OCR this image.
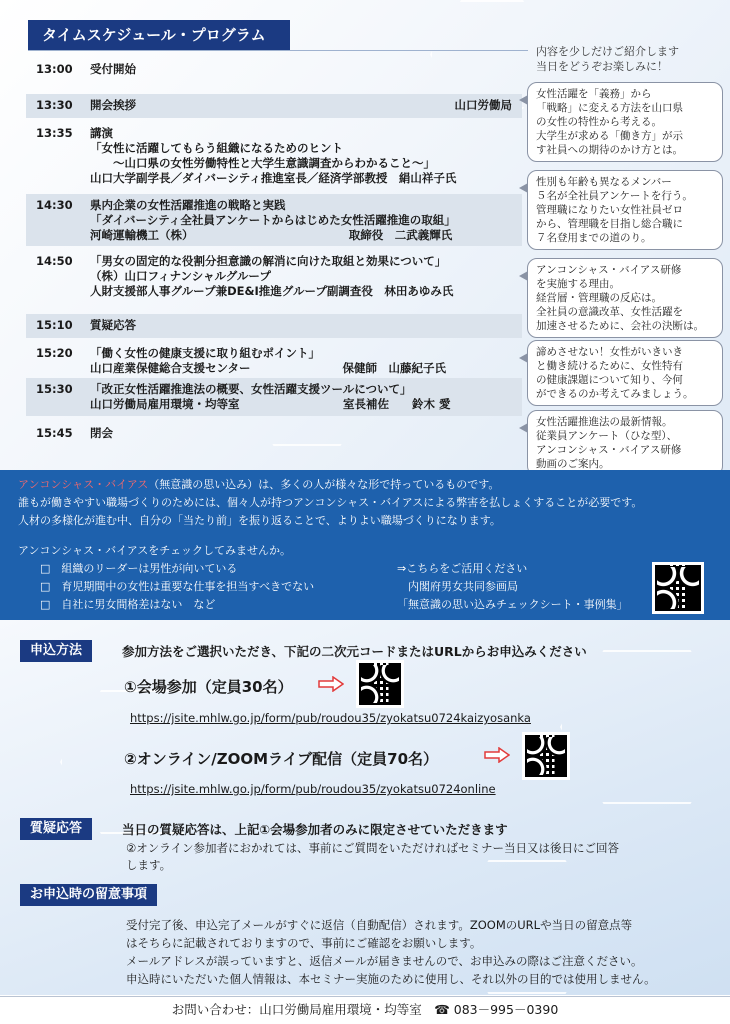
タイムスケジュール・プログラム
内容を少しだけご紹介します
当日をどうぞお楽しみに！
13:00 受付開始
13:30 開会挨拶	山口労働局
13:35 講演
「女性に活躍してもらう組織になるためのヒント
　　～山口県の女性労働特性と大学生意識調査からわかること～」
山口大学副学長／ダイバーシティ推進室長／経済学部教授　絹山祥子氏
14:30 県内企業の女性活躍推進の戦略と実践
「ダイバーシティ全社員アンケートからはじめた女性活躍推進の取組」
河崎運輸機工（株）　　　　　　　　　　　　　　取締役　二武義輝氏
14:50 「男女の固定的な役割分担意識の解消に向けた取組と効果について」
（株）山口フィナンシャルグループ
人財支援部人事グループ兼DE&I推進グループ副調査役　林田あゆみ氏
15:10 質疑応答
15:20 「働く女性の健康支援に取り組むポイント」
山口産業保健総合支援センター　　　　　　　　保健師　山藤紀子氏
15:30 「改正女性活躍推進法の概要、女性活躍支援ツールについて」
山口労働局雇用環境・均等室　　　　　　　　　室長補佐　　鈴木 愛
15:45 閉会
女性活躍を「義務」から
「戦略」に変える方法を山口県
の女性の特性から考える。
大学生が求める「働き方」が示
す社員への期待のかけ方とは。
性別も年齢も異なるメンバー
５名が全社員アンケートを行う。
管理職になりたい女性社員ゼロ
から、管理職を目指し総合職に
７名登用までの道のり。
アンコンシャス・バイアス研修
を実施する理由。
経営層・管理職の反応は。
全社員の意識改革、女性活躍を
加速させるために、会社の決断は。
諦めさせない！女性がいきいき
と働き続けるために、女性特有
の健康課題について知り、今何
ができるのか考えてみましょう。
女性活躍推進法の最新情報。
従業員アンケート（ひな型）、
アンコンシャス・バイアス研修
動画のご案内。
アンコンシャス・バイアス（無意識の思い込み）は、多くの人が様々な形で持っているものです。
誰もが働きやすい職場づくりのためには、個々人が持つアンコンシャス・バイアスによる弊害を払しょくすることが必要です。
人材の多様化が進む中、自分の「当たり前」を振り返ることで、よりよい職場づくりになります。
アンコンシャス・バイアスをチェックしてみませんか。
□　組織のリーダーは男性が向いている
□　育児期間中の女性は重要な仕事を担当すべきでない
□　自社に男女間格差はない　など
⇒こちらをご活用ください
　内閣府男女共同参画局
「無意識の思い込みチェックシート・事例集」
申込方法	参加方法をご選択いただき、下記の二次元コードまたはURLからお申込みください
①会場参加（定員30名）
https://jsite.mhlw.go.jp/form/pub/roudou35/zyokatsu0724kaizyosanka
②オンライン/ZOOMライブ配信（定員70名）
https://jsite.mhlw.go.jp/form/pub/roudou35/zyokatsu0724online
質疑応答	当日の質疑応答は、上記①会場参加者のみに限定させていただきます
②オンライン参加者におかれては、事前にご質問をいただければセミナー当日又は後日にご回答
します。
お申込時の留意事項
受付完了後、申込完了メールがすぐに返信（自動配信）されます。ZOOMのURLや当日の留意点等
はそちらに記載されておりますので、事前にご確認をお願いします。
メールアドレスが誤っていますと、返信メールが届きませんので、お申込みの際はご注意ください。
申込時にいただいた個人情報は、本セミナー実施のために使用し、それ以外の目的では使用しません。
お問い合わせ：山口労働局雇用環境・均等室　☎ 083－995－0390
